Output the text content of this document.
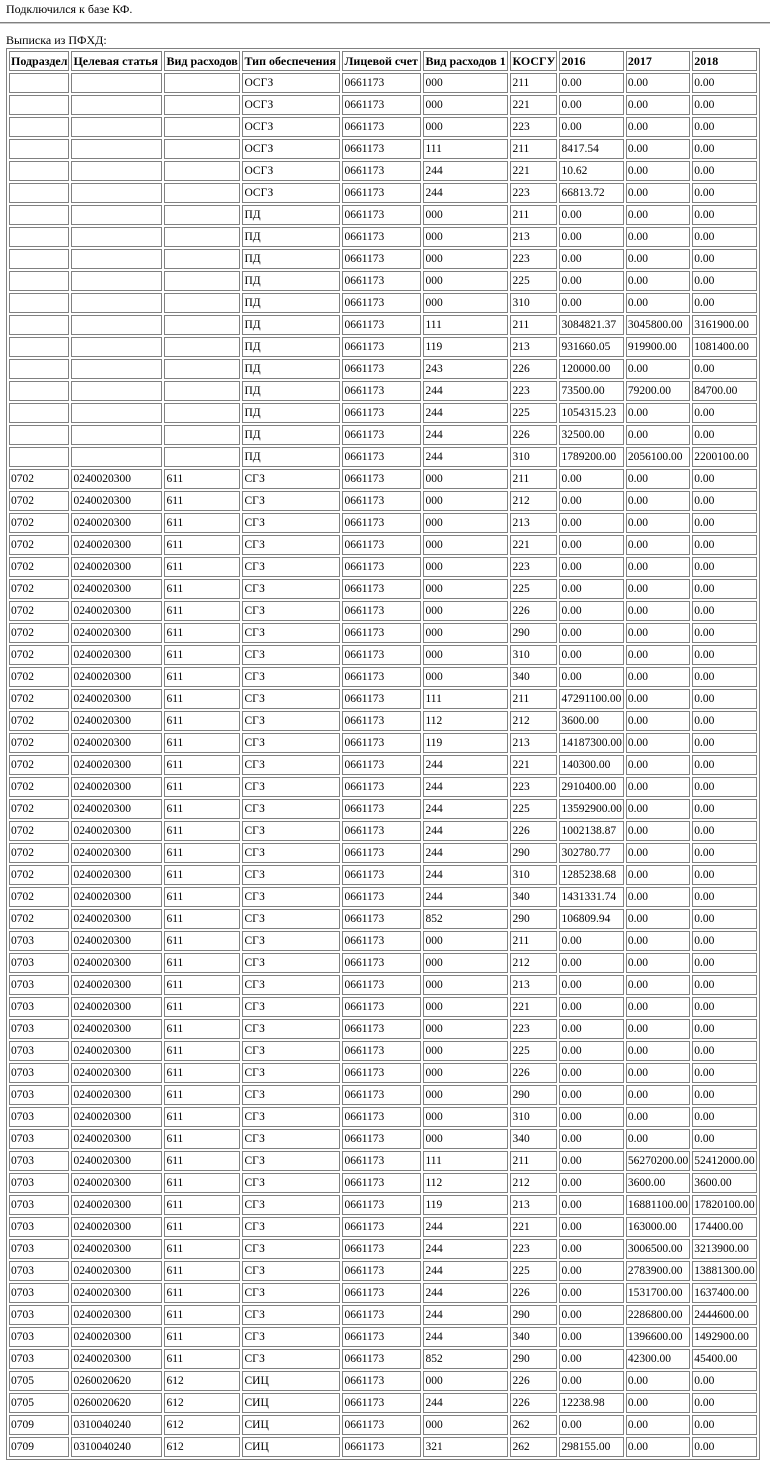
Подключился к базе КФ.
Выписка из ПФХД:
Подраздел	Целевая статья	Вид расходов	Тип обеспечения	Лицевой счет	Вид расходов 1	КОСГУ	2016	2017	2018
			ОСГЗ	0661173	000	211	0.00	0.00	0.00
			ОСГЗ	0661173	000	221	0.00	0.00	0.00
			ОСГЗ	0661173	000	223	0.00	0.00	0.00
			ОСГЗ	0661173	111	211	8417.54	0.00	0.00
			ОСГЗ	0661173	244	221	10.62	0.00	0.00
			ОСГЗ	0661173	244	223	66813.72	0.00	0.00
			ПД	0661173	000	211	0.00	0.00	0.00
			ПД	0661173	000	213	0.00	0.00	0.00
			ПД	0661173	000	223	0.00	0.00	0.00
			ПД	0661173	000	225	0.00	0.00	0.00
			ПД	0661173	000	310	0.00	0.00	0.00
			ПД	0661173	111	211	3084821.37	3045800.00	3161900.00
			ПД	0661173	119	213	931660.05	919900.00	1081400.00
			ПД	0661173	243	226	120000.00	0.00	0.00
			ПД	0661173	244	223	73500.00	79200.00	84700.00
			ПД	0661173	244	225	1054315.23	0.00	0.00
			ПД	0661173	244	226	32500.00	0.00	0.00
			ПД	0661173	244	310	1789200.00	2056100.00	2200100.00
0702	0240020300	611	СГЗ	0661173	000	211	0.00	0.00	0.00
0702	0240020300	611	СГЗ	0661173	000	212	0.00	0.00	0.00
0702	0240020300	611	СГЗ	0661173	000	213	0.00	0.00	0.00
0702	0240020300	611	СГЗ	0661173	000	221	0.00	0.00	0.00
0702	0240020300	611	СГЗ	0661173	000	223	0.00	0.00	0.00
0702	0240020300	611	СГЗ	0661173	000	225	0.00	0.00	0.00
0702	0240020300	611	СГЗ	0661173	000	226	0.00	0.00	0.00
0702	0240020300	611	СГЗ	0661173	000	290	0.00	0.00	0.00
0702	0240020300	611	СГЗ	0661173	000	310	0.00	0.00	0.00
0702	0240020300	611	СГЗ	0661173	000	340	0.00	0.00	0.00
0702	0240020300	611	СГЗ	0661173	111	211	47291100.00	0.00	0.00
0702	0240020300	611	СГЗ	0661173	112	212	3600.00	0.00	0.00
0702	0240020300	611	СГЗ	0661173	119	213	14187300.00	0.00	0.00
0702	0240020300	611	СГЗ	0661173	244	221	140300.00	0.00	0.00
0702	0240020300	611	СГЗ	0661173	244	223	2910400.00	0.00	0.00
0702	0240020300	611	СГЗ	0661173	244	225	13592900.00	0.00	0.00
0702	0240020300	611	СГЗ	0661173	244	226	1002138.87	0.00	0.00
0702	0240020300	611	СГЗ	0661173	244	290	302780.77	0.00	0.00
0702	0240020300	611	СГЗ	0661173	244	310	1285238.68	0.00	0.00
0702	0240020300	611	СГЗ	0661173	244	340	1431331.74	0.00	0.00
0702	0240020300	611	СГЗ	0661173	852	290	106809.94	0.00	0.00
0703	0240020300	611	СГЗ	0661173	000	211	0.00	0.00	0.00
0703	0240020300	611	СГЗ	0661173	000	212	0.00	0.00	0.00
0703	0240020300	611	СГЗ	0661173	000	213	0.00	0.00	0.00
0703	0240020300	611	СГЗ	0661173	000	221	0.00	0.00	0.00
0703	0240020300	611	СГЗ	0661173	000	223	0.00	0.00	0.00
0703	0240020300	611	СГЗ	0661173	000	225	0.00	0.00	0.00
0703	0240020300	611	СГЗ	0661173	000	226	0.00	0.00	0.00
0703	0240020300	611	СГЗ	0661173	000	290	0.00	0.00	0.00
0703	0240020300	611	СГЗ	0661173	000	310	0.00	0.00	0.00
0703	0240020300	611	СГЗ	0661173	000	340	0.00	0.00	0.00
0703	0240020300	611	СГЗ	0661173	111	211	0.00	56270200.00	52412000.00
0703	0240020300	611	СГЗ	0661173	112	212	0.00	3600.00	3600.00
0703	0240020300	611	СГЗ	0661173	119	213	0.00	16881100.00	17820100.00
0703	0240020300	611	СГЗ	0661173	244	221	0.00	163000.00	174400.00
0703	0240020300	611	СГЗ	0661173	244	223	0.00	3006500.00	3213900.00
0703	0240020300	611	СГЗ	0661173	244	225	0.00	2783900.00	13881300.00
0703	0240020300	611	СГЗ	0661173	244	226	0.00	1531700.00	1637400.00
0703	0240020300	611	СГЗ	0661173	244	290	0.00	2286800.00	2444600.00
0703	0240020300	611	СГЗ	0661173	244	340	0.00	1396600.00	1492900.00
0703	0240020300	611	СГЗ	0661173	852	290	0.00	42300.00	45400.00
0705	0260020620	612	СИЦ	0661173	000	226	0.00	0.00	0.00
0705	0260020620	612	СИЦ	0661173	244	226	12238.98	0.00	0.00
0709	0310040240	612	СИЦ	0661173	000	262	0.00	0.00	0.00
0709	0310040240	612	СИЦ	0661173	321	262	298155.00	0.00	0.00
